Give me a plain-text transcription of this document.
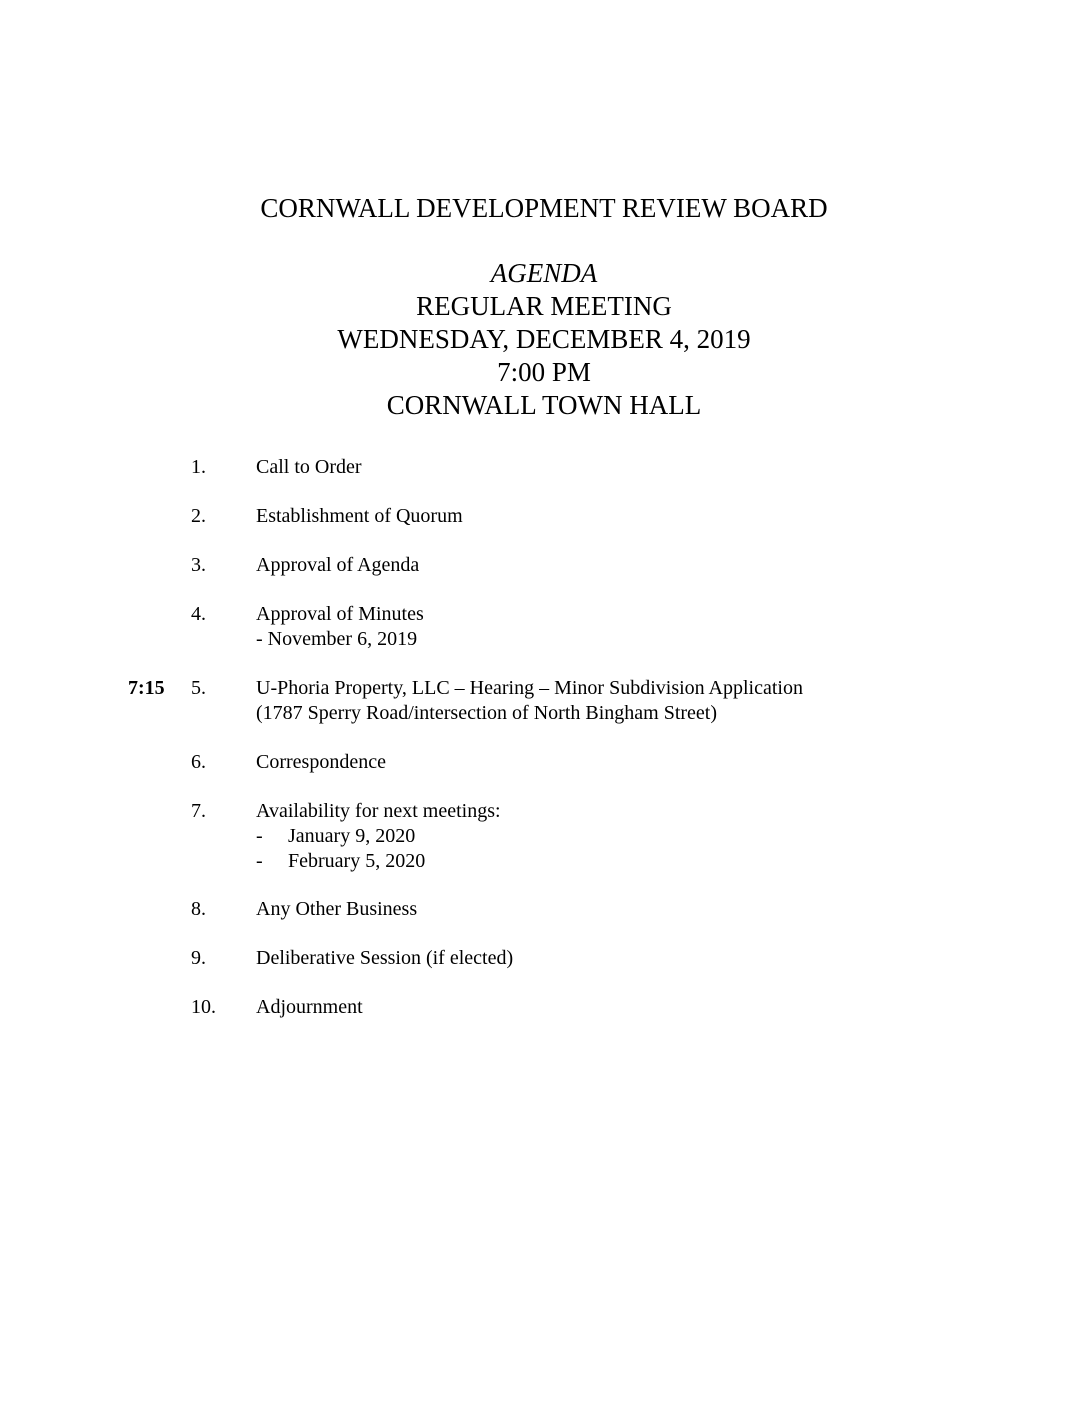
CORNWALL DEVELOPMENT REVIEW BOARD
AGENDA
REGULAR MEETING
WEDNESDAY, DECEMBER 4, 2019
7:00 PM
CORNWALL TOWN HALL
1.	Call to Order
2.	Establishment of Quorum
3.	Approval of Agenda
4.	Approval of Minutes
- November 6, 2019
7:15 5.	U-Phoria Property, LLC – Hearing – Minor Subdivision Application
(1787 Sperry Road/intersection of North Bingham Street)
6.	Correspondence
7.	Availability for next meetings:
- January 9, 2020
- February 5, 2020
8.	Any Other Business
9.	Deliberative Session (if elected)
10. Adjournment
